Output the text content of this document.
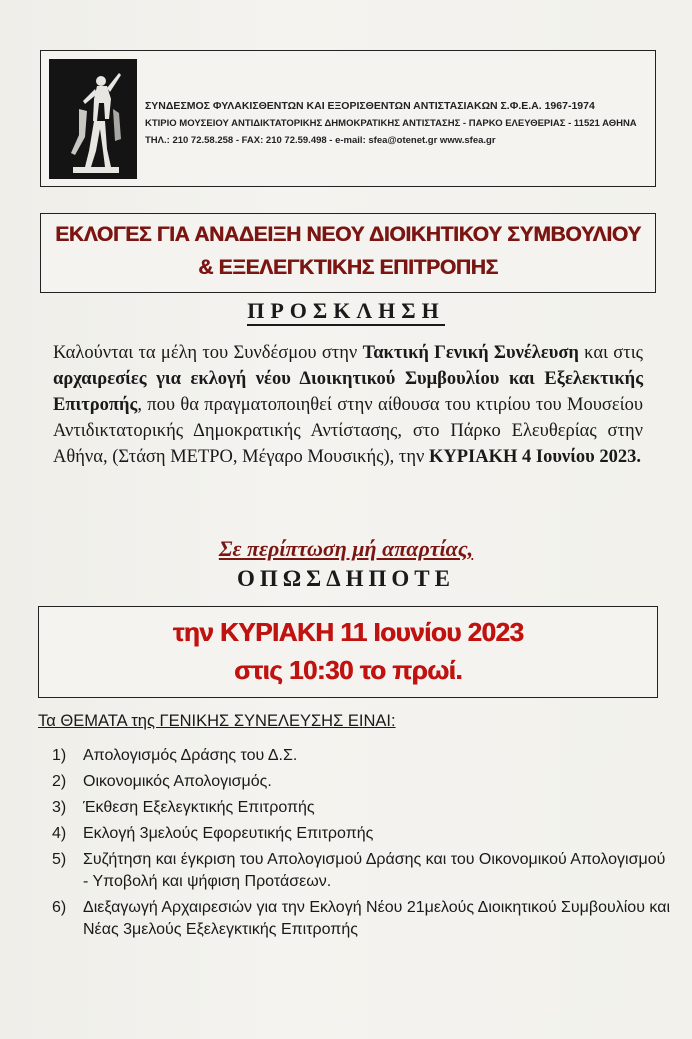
ΣΥΝΔΕΣΜΟΣ ΦΥΛΑΚΙΣΘΕΝΤΩΝ ΚΑΙ ΕΞΟΡΙΣΘΕΝΤΩΝ ΑΝΤΙΣΤΑΣΙΑΚΩΝ Σ.Φ.Ε.Α. 1967-1974
ΚΤΙΡΙΟ ΜΟΥΣΕΙΟΥ ΑΝΤΙΔΙΚΤΑΤΟΡΙΚΗΣ ΔΗΜΟΚΡΑΤΙΚΗΣ ΑΝΤΙΣΤΑΣΗΣ - ΠΑΡΚΟ ΕΛΕΥΘΕΡΙΑΣ - 11521 ΑΘΗΝΑ
ΤΗΛ.: 210 72.58.258 - FAX: 210 72.59.498 - e-mail: sfea@otenet.gr www.sfea.gr
ΕΚΛΟΓΕΣ ΓΙΑ ΑΝΑΔΕΙΞΗ ΝΕΟΥ ΔΙΟΙΚΗΤΙΚΟΥ ΣΥΜΒΟΥΛΙΟΥ
& ΕΞΕΛΕΓΚΤΙΚΗΣ ΕΠΙΤΡΟΠΗΣ
ΠΡΟΣΚΛΗΣΗ
Καλούνται τα μέλη του Συνδέσμου στην Τακτική Γενική Συνέλευση και στις αρχαιρεσίες για εκλογή νέου Διοικητικού Συμβουλίου και Εξελεκτικής Επιτροπής, που θα πραγματοποιηθεί στην αίθουσα του κτιρίου του Μουσείου Αντιδικτατορικής Δημοκρατικής Αντίστασης, στο Πάρκο Ελευθερίας στην Αθήνα, (Στάση ΜΕΤΡΟ, Μέγαρο Μουσικής), την ΚΥΡΙΑΚΗ 4 Ιουνίου 2023.
Σε περίπτωση μή απαρτίας,
ΟΠΩΣΔΗΠΟΤΕ
την ΚΥΡΙΑΚΗ 11 Ιουνίου 2023
στις 10:30 το πρωί.
Τα ΘΕΜΑΤΑ της ΓΕΝΙΚΗΣ ΣΥΝΕΛΕΥΣΗΣ ΕΙΝΑΙ:
1)	Απολογισμός Δράσης του Δ.Σ.
2)	Οικονομικός Απολογισμός.
3)	Έκθεση Εξελεγκτικής Επιτροπής
4)	Εκλογή 3μελούς Εφορευτικής Επιτροπής
5)	Συζήτηση και έγκριση του Απολογισμού Δράσης και του Οικονομικού Απολογισμού - Υποβολή και ψήφιση Προτάσεων.
6)	Διεξαγωγή Αρχαιρεσιών για την Εκλογή Νέου 21μελούς Διοικητικού Συμβουλίου και Νέας 3μελούς Εξελεγκτικής Επιτροπής
